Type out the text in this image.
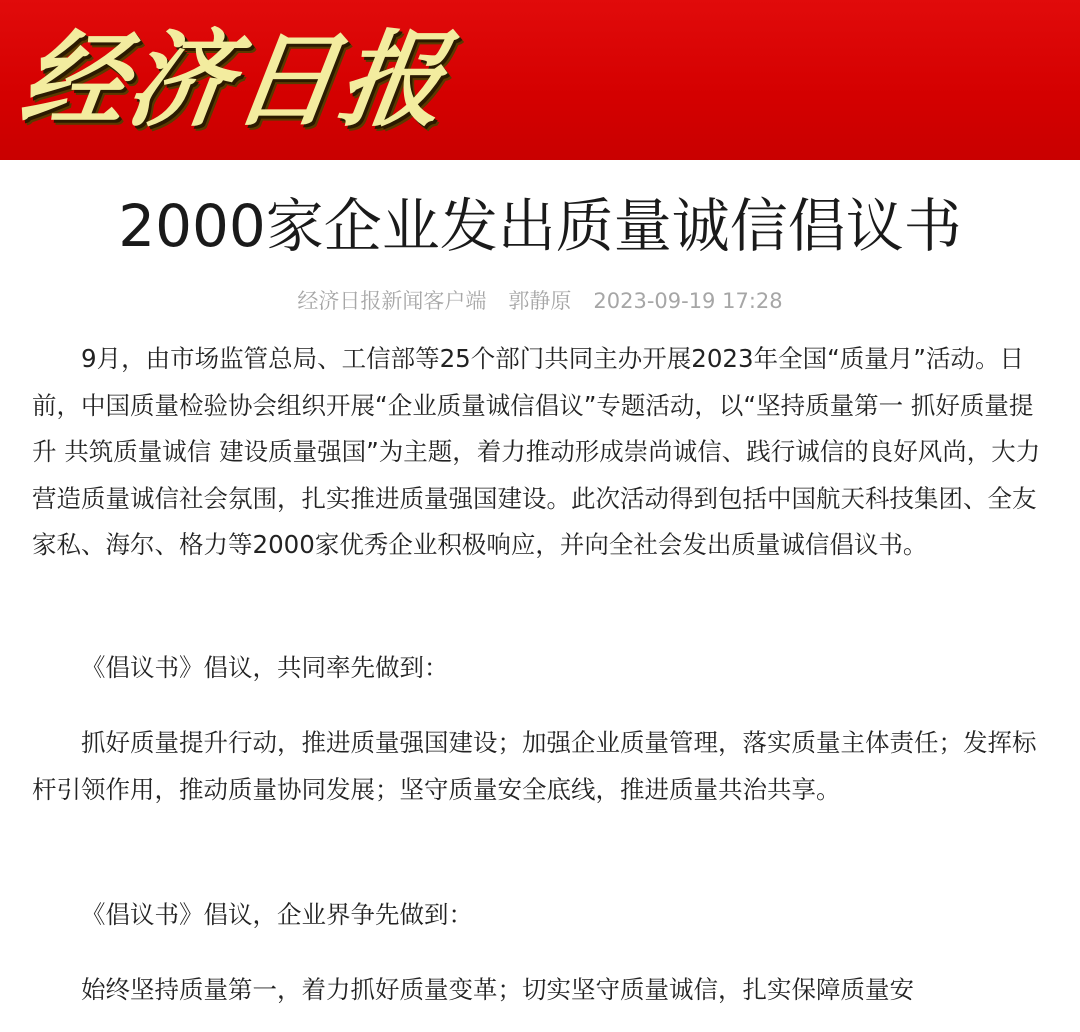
经济日报
2000家企业发出质量诚信倡议书
经济日报新闻客户端 郭静原 2023-09-19 17:28

9月，由市场监管总局、工信部等25个部门共同主办开展2023年全国“质量月”活动。日前，中国质量检验协会组织开展“企业质量诚信倡议”专题活动，以“坚持质量第一 抓好质量提升 共筑质量诚信 建设质量强国”为主题，着力推动形成崇尚诚信、践行诚信的良好风尚，大力营造质量诚信社会氛围，扎实推进质量强国建设。此次活动得到包括中国航天科技集团、全友家私、海尔、格力等2000家优秀企业积极响应，并向全社会发出质量诚信倡议书。

《倡议书》倡议，共同率先做到：

抓好质量提升行动，推进质量强国建设；加强企业质量管理，落实质量主体责任；发挥标杆引领作用，推动质量协同发展；坚守质量安全底线，推进质量共治共享。

《倡议书》倡议，企业界争先做到：

始终坚持质量第一，着力抓好质量变革；切实坚守质量诚信，扎实保障质量安
